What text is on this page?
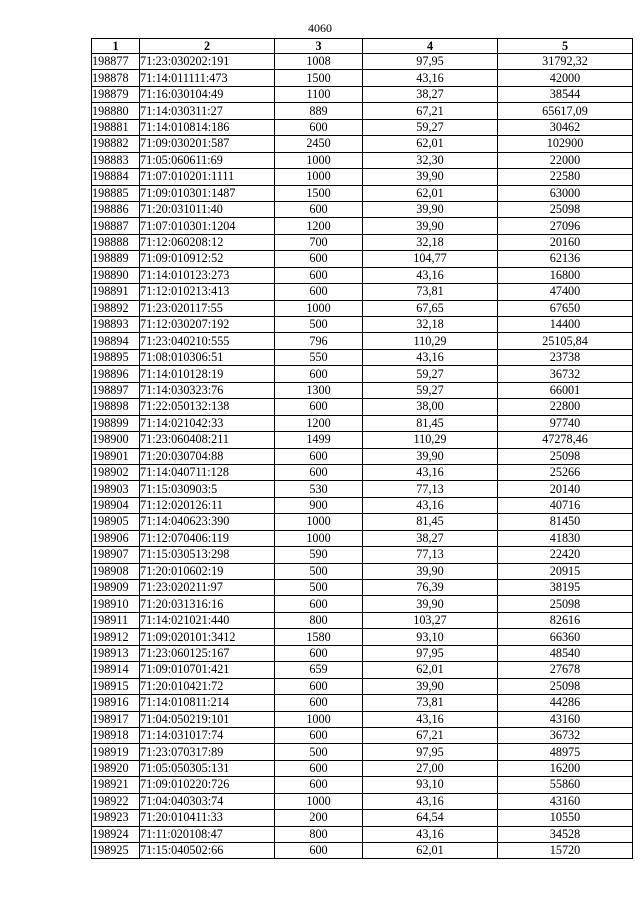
4060
1	2	3	4	5
198877	71:23:030202:191	1008	97,95	31792,32
198878	71:14:011111:473	1500	43,16	42000
198879	71:16:030104:49	1100	38,27	38544
198880	71:14:030311:27	889	67,21	65617,09
198881	71:14:010814:186	600	59,27	30462
198882	71:09:030201:587	2450	62,01	102900
198883	71:05:060611:69	1000	32,30	22000
198884	71:07:010201:1111	1000	39,90	22580
198885	71:09:010301:1487	1500	62,01	63000
198886	71:20:031011:40	600	39,90	25098
198887	71:07:010301:1204	1200	39,90	27096
198888	71:12:060208:12	700	32,18	20160
198889	71:09:010912:52	600	104,77	62136
198890	71:14:010123:273	600	43,16	16800
198891	71:12:010213:413	600	73,81	47400
198892	71:23:020117:55	1000	67,65	67650
198893	71:12:030207:192	500	32,18	14400
198894	71:23:040210:555	796	110,29	25105,84
198895	71:08:010306:51	550	43,16	23738
198896	71:14:010128:19	600	59,27	36732
198897	71:14:030323:76	1300	59,27	66001
198898	71:22:050132:138	600	38,00	22800
198899	71:14:021042:33	1200	81,45	97740
198900	71:23:060408:211	1499	110,29	47278,46
198901	71:20:030704:88	600	39,90	25098
198902	71:14:040711:128	600	43,16	25266
198903	71:15:030903:5	530	77,13	20140
198904	71:12:020126:11	900	43,16	40716
198905	71:14:040623:390	1000	81,45	81450
198906	71:12:070406:119	1000	38,27	41830
198907	71:15:030513:298	590	77,13	22420
198908	71:20:010602:19	500	39,90	20915
198909	71:23:020211:97	500	76,39	38195
198910	71:20:031316:16	600	39,90	25098
198911	71:14:021021:440	800	103,27	82616
198912	71:09:020101:3412	1580	93,10	66360
198913	71:23:060125:167	600	97,95	48540
198914	71:09:010701:421	659	62,01	27678
198915	71:20:010421:72	600	39,90	25098
198916	71:14:010811:214	600	73,81	44286
198917	71:04:050219:101	1000	43,16	43160
198918	71:14:031017:74	600	67,21	36732
198919	71:23:070317:89	500	97,95	48975
198920	71:05:050305:131	600	27,00	16200
198921	71:09:010220:726	600	93,10	55860
198922	71:04:040303:74	1000	43,16	43160
198923	71:20:010411:33	200	64,54	10550
198924	71:11:020108:47	800	43,16	34528
198925	71:15:040502:66	600	62,01	15720
